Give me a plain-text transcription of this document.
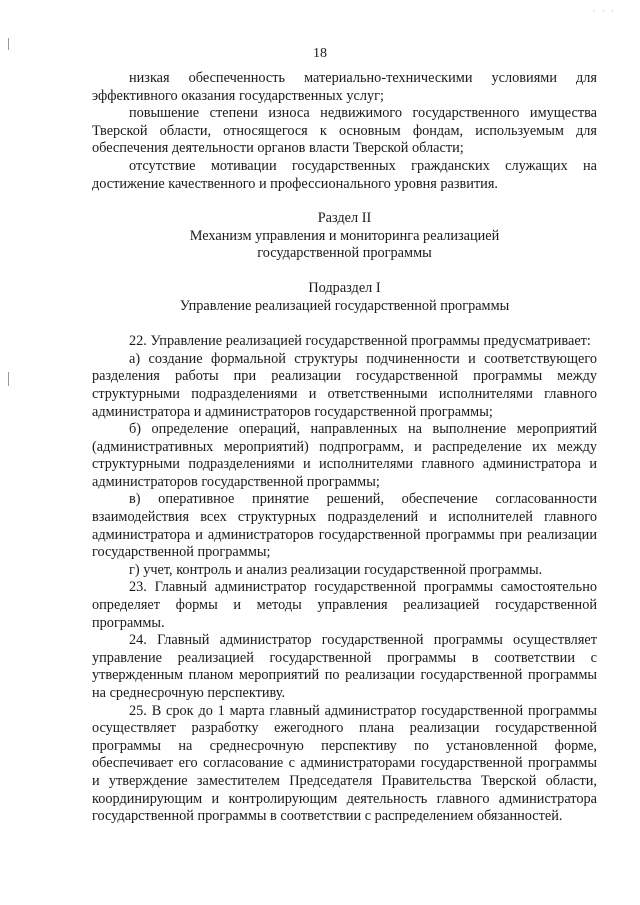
· · ·
18

низкая обеспеченность материально-техническими условиями для эффективного оказания государственных услуг;

повышение степени износа недвижимого государственного имущества Тверской области, относящегося к основным фондам, используемым для обеспечения деятельности органов власти Тверской области;

отсутствие мотивации государственных гражданских служащих на достижение качественного и профессионального уровня развития.

Раздел II

Механизм управления и мониторинга реализацией

государственной программы

Подраздел I

Управление реализацией государственной программы

22. Управление реализацией государственной программы предусматривает:

а) создание формальной структуры подчиненности и соответствующего разделения работы при реализации государственной программы между структурными подразделениями и ответственными исполнителями главного администратора и администраторов государственной программы;

б) определение операций, направленных на выполнение мероприятий (административных мероприятий) подпрограмм, и распределение их между структурными подразделениями и исполнителями главного администратора и администраторов государственной программы;

в) оперативное принятие решений, обеспечение согласованности взаимодействия всех структурных подразделений и исполнителей главного администратора и администраторов государственной программы при реализации государственной программы;

г) учет, контроль и анализ реализации государственной программы.

23. Главный администратор государственной программы самостоятельно определяет формы и методы управления реализацией государственной программы.

24. Главный администратор государственной программы осуществляет управление реализацией государственной программы в соответствии с утвержденным планом мероприятий по реализации государственной программы на среднесрочную перспективу.

25. В срок до 1 марта главный администратор государственной программы осуществляет разработку ежегодного плана реализации государственной программы на среднесрочную перспективу по установленной форме, обеспечивает его согласование с администраторами государственной программы и утверждение заместителем Председателя Правительства Тверской области, координирующим и контролирующим деятельность главного администратора государственной программы в соответствии с распределением обязанностей.
